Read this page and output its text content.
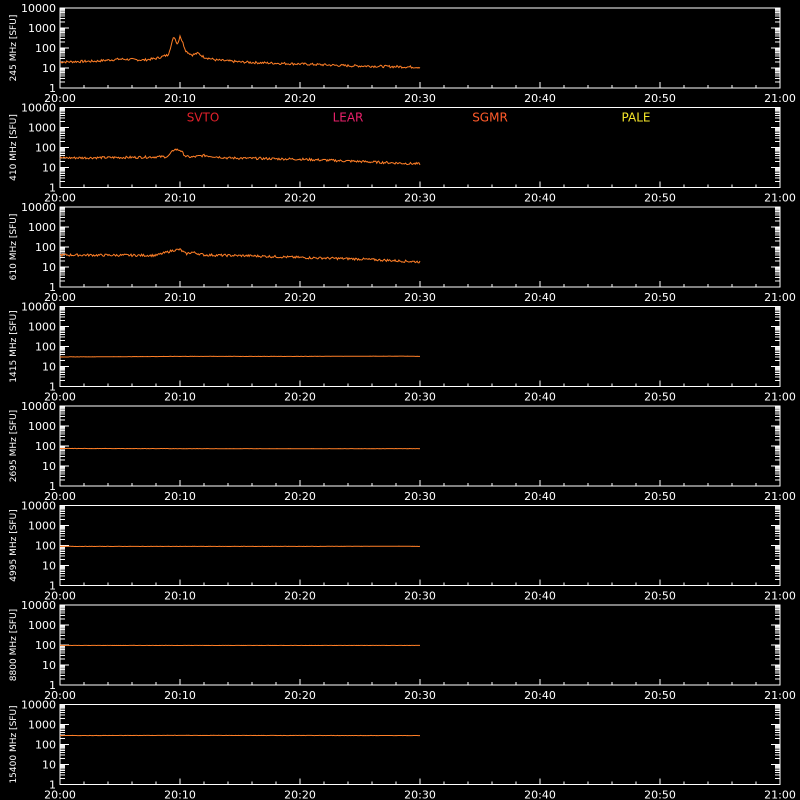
1
10
100
1000
10000
20:00	20:10	20:20	20:30	20:40	20:50	21:00
245 MHz [SFU]
1
10
100
1000
10000
20:00	20:10	20:20	20:30	20:40	20:50	21:00
410 MHz [SFU]
1
10
100
1000
10000
20:00	20:10	20:20	20:30	20:40	20:50	21:00
610 MHz [SFU]
1
10
100
1000
10000
20:00	20:10	20:20	20:30	20:40	20:50	21:00
1415 MHz [SFU]
1
10
100
1000
10000
20:00	20:10	20:20	20:30	20:40	20:50	21:00
2695 MHz [SFU]
1
10
100
1000
10000
20:00	20:10	20:20	20:30	20:40	20:50	21:00
4995 MHz [SFU]
1
10
100
1000
10000
20:00	20:10	20:20	20:30	20:40	20:50	21:00
8800 MHz [SFU]
1
10
100
1000
10000
20:00	20:10	20:20	20:30	20:40	20:50	21:00
15400 MHz [SFU]
SVTO	LEAR	SGMR	PALE
